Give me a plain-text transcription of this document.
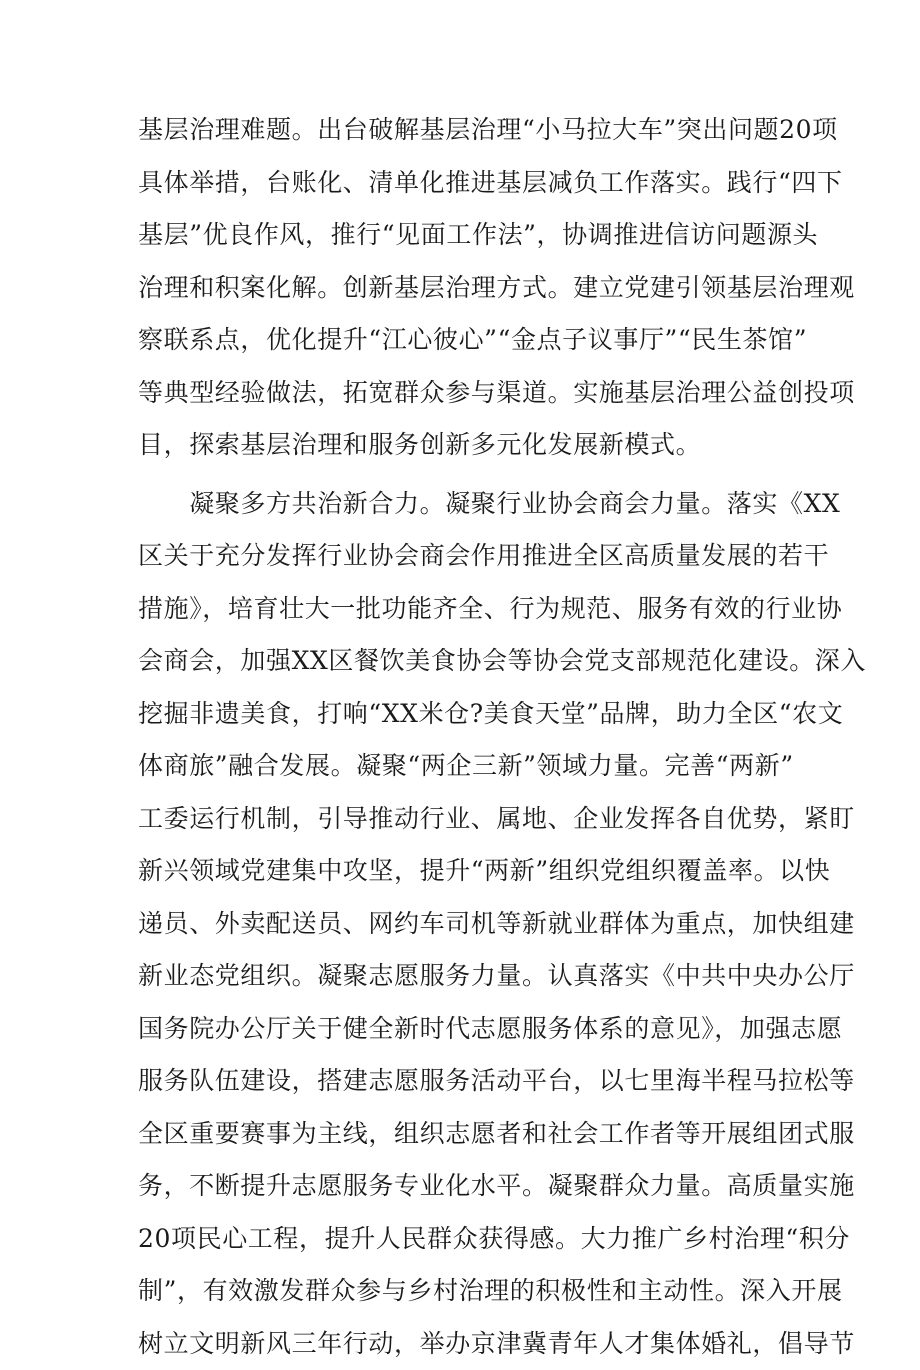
基层治理难题。出台破解基层治理“小马拉大车”突出问题20项
具体举措，台账化、清单化推进基层减负工作落实。践行“四下
基层”优良作风，推行“见面工作法”，协调推进信访问题源头
治理和积案化解。创新基层治理方式。建立党建引领基层治理观
察联系点，优化提升“江心彼心”“金点子议事厅”“民生茶馆”
等典型经验做法，拓宽群众参与渠道。实施基层治理公益创投项
目，探索基层治理和服务创新多元化发展新模式。
　　凝聚多方共治新合力。凝聚行业协会商会力量。落实《XX
区关于充分发挥行业协会商会作用推进全区高质量发展的若干
措施》，培育壮大一批功能齐全、行为规范、服务有效的行业协
会商会，加强XX区餐饮美食协会等协会党支部规范化建设。深入
挖掘非遗美食，打响“XX米仓?美食天堂”品牌，助力全区“农文
体商旅”融合发展。凝聚“两企三新”领域力量。完善“两新”
工委运行机制，引导推动行业、属地、企业发挥各自优势，紧盯
新兴领域党建集中攻坚，提升“两新”组织党组织覆盖率。以快
递员、外卖配送员、网约车司机等新就业群体为重点，加快组建
新业态党组织。凝聚志愿服务力量。认真落实《中共中央办公厅
国务院办公厅关于健全新时代志愿服务体系的意见》，加强志愿
服务队伍建设，搭建志愿服务活动平台，以七里海半程马拉松等
全区重要赛事为主线，组织志愿者和社会工作者等开展组团式服
务，不断提升志愿服务专业化水平。凝聚群众力量。高质量实施
20项民心工程，提升人民群众获得感。大力推广乡村治理“积分
制”，有效激发群众参与乡村治理的积极性和主动性。深入开展
树立文明新风三年行动，举办京津冀青年人才集体婚礼，倡导节
